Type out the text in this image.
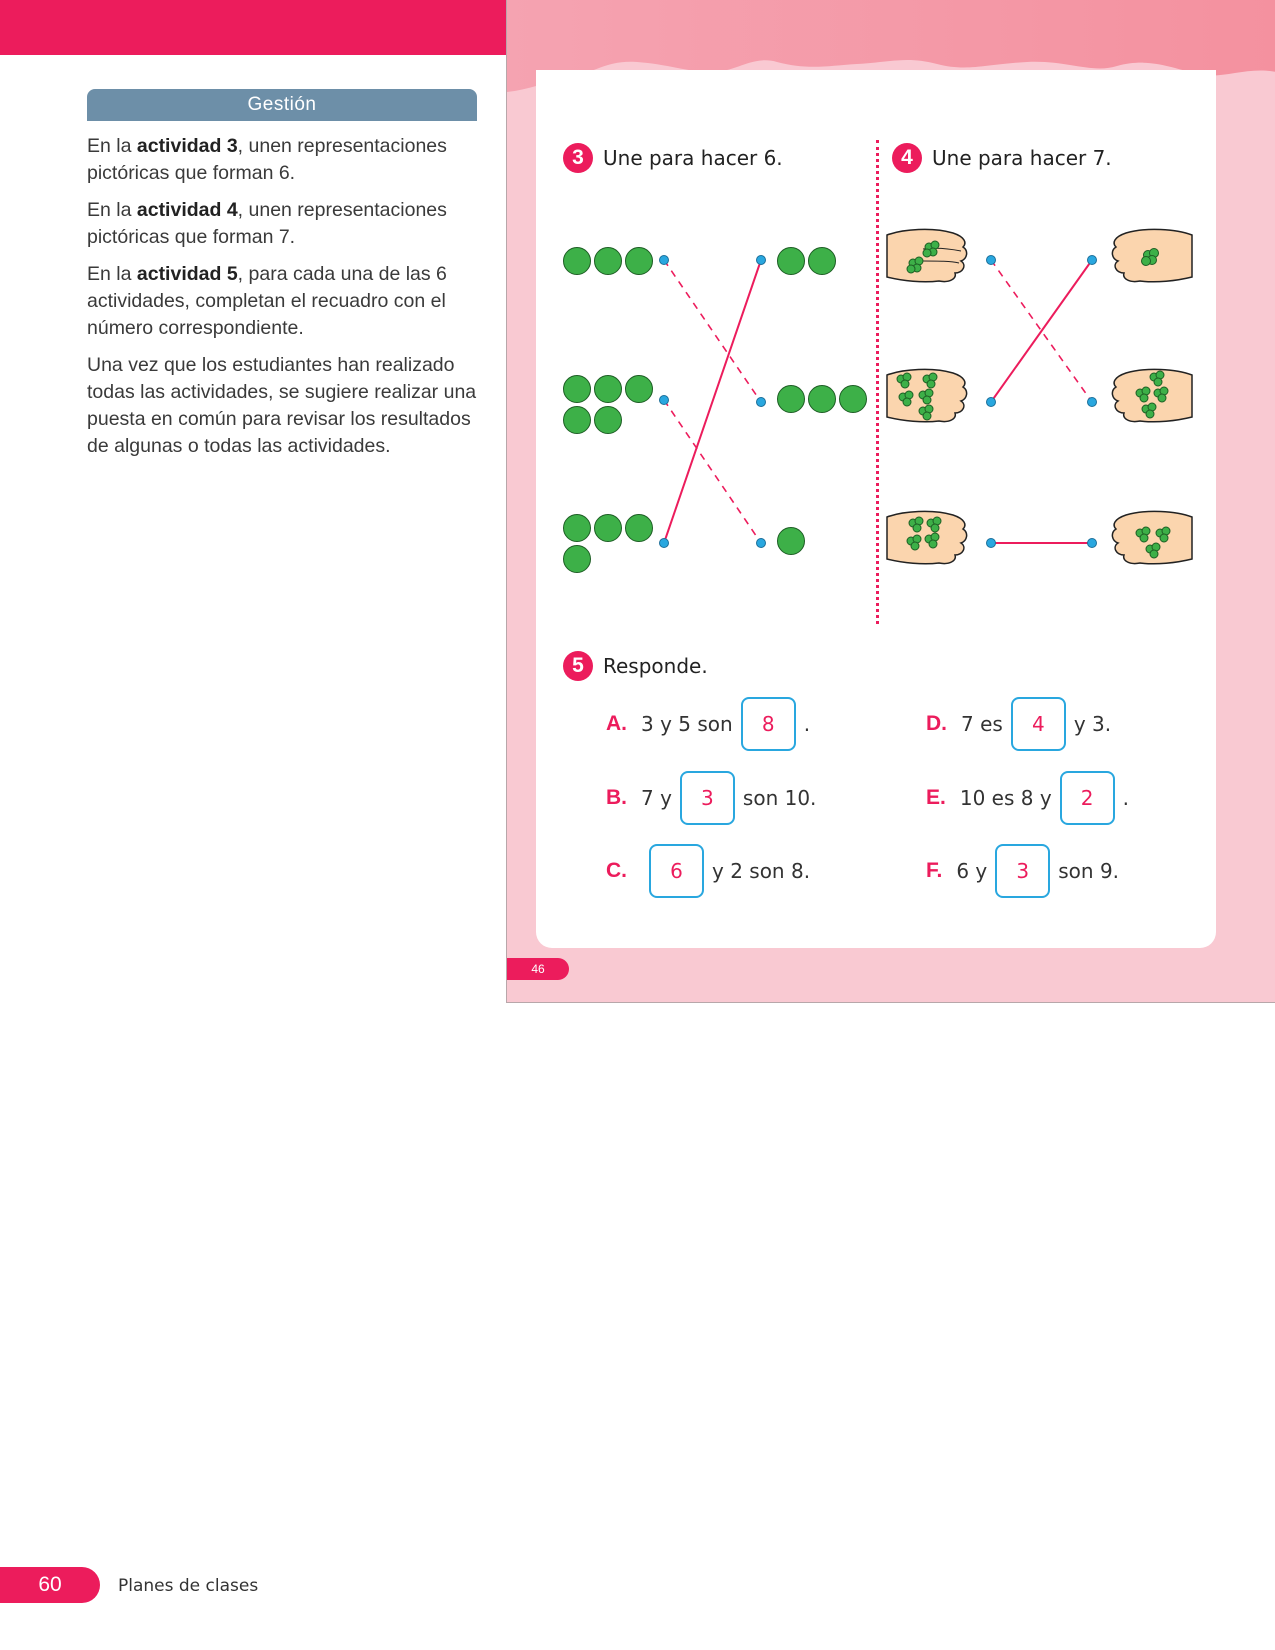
Gestión

En la actividad 3, unen representaciones pictóricas que forman 6.

En la actividad 4, unen representaciones pictóricas que forman 7.

En la actividad 5, para cada una de las 6 actividades, completan el recuadro con el número correspondiente.

Una vez que los estudiantes han realizado todas las actividades, se sugiere realizar una puesta en común para revisar los resultados de algunas o todas las actividades.

46
3 Une para hacer 6.	4 Une para hacer 7.
5 Responde.
A. 3 y 5 son	8	.
B. 7 y	3	son 10.
C.	6	y 2 son 8.
D. 7 es	4	y 3.
E. 10 es 8 y	2	.
F. 6 y	3	son 9.
60	Planes de clases
